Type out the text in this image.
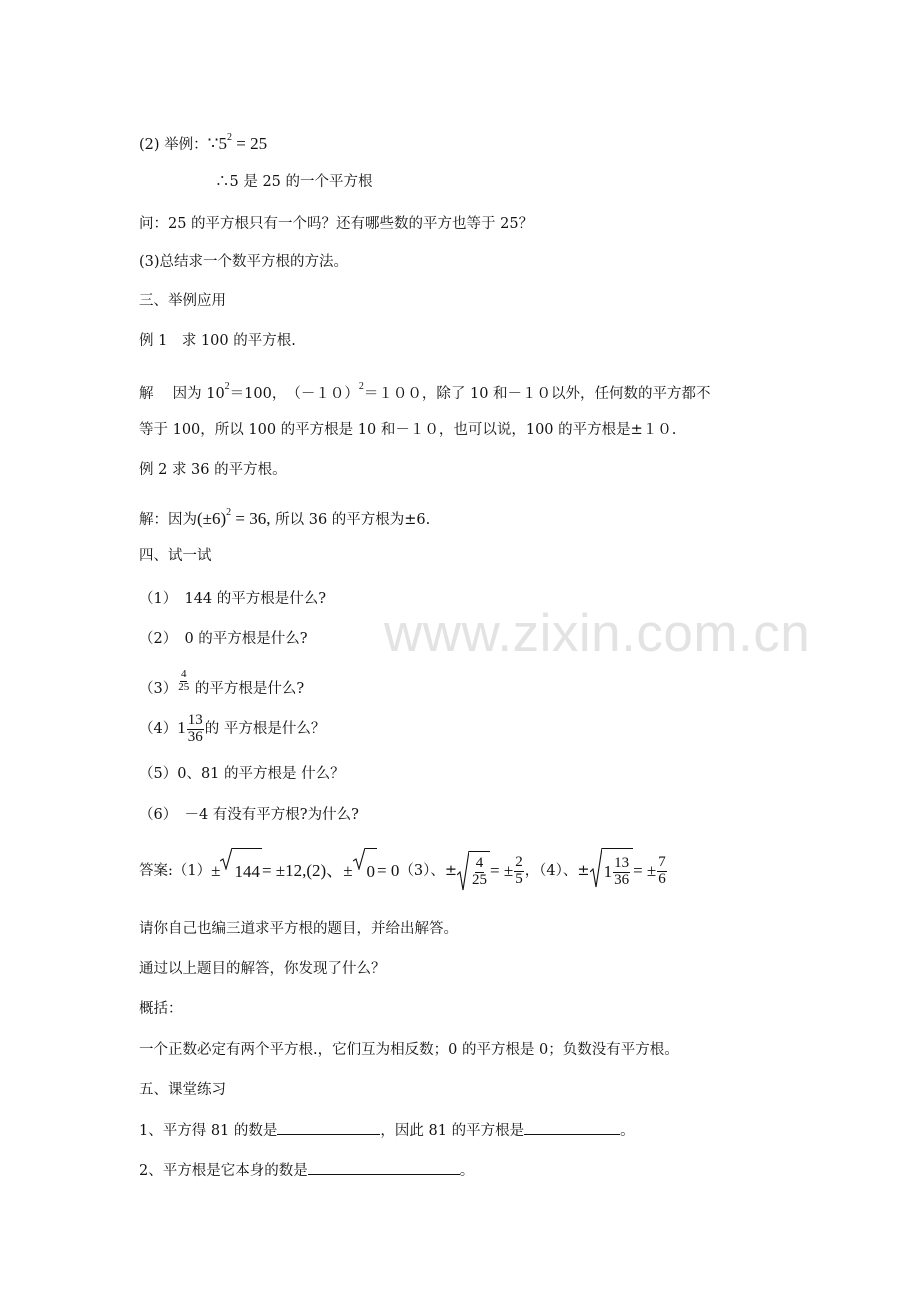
www.zixin.com.cn
(2) 举例：$\because 5^2 = 25$
∴5 是 25 的一个平方根
问：25 的平方根只有一个吗？还有哪些数的平方也等于 25？
(3)总结求一个数平方根的方法。
三、举例应用
例 1　求 100 的平方根.
解　 因为 $10^2=100$，　$(-10)^2=100$，除了 10 和－１０以外，任何数的平方都不
等于 100，所以 100 的平方根是 10 和－１０，也可以说，100 的平方根是±１０.
例 2 求 36 的平方根。
解：因为$(\pm 6)^2 = 36$, 所以 36 的平方根为±6.
四、试一试
（1）　144 的平方根是什么?
（2）　0 的平方根是什么?
$(3) \frac{4}{25}$ 的平方根是什么?
$(4)1 \frac{13}{36}$ 的 平方根是什么？
（5）0、81 的平方根是 什么？
（6）　－4 有没有平方根?为什么?
答案:（1） ± 144 = ±12,(2)、± 0 = 0 （3）、± $\frac{4}{25}$ = ± $\frac{2}{5}$ ，（4）、± $1 \frac{13}{36}$ = ± $\frac{7}{6}$
请你自己也编三道求平方根的题目，并给出解答。
通过以上题目的解答，你发现了什么？
概括：
一个正数必定有两个平方根.，它们互为相反数；0 的平方根是 0；负数没有平方根。
五、课堂练习
1、平方得 81 的数是	，因此 81 的平方根是	。
2、平方根是它本身的数是	。
